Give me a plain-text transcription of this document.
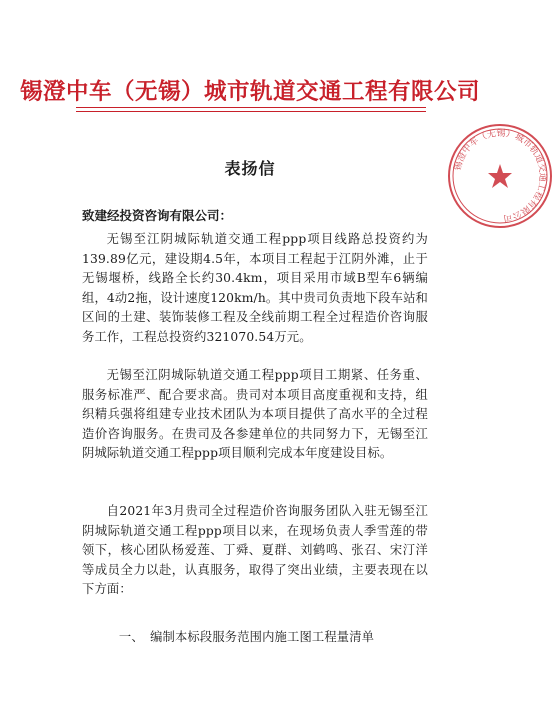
锡澄中车（无锡）城市轨道交通工程有限公司
表扬信
致建经投资咨询有限公司：

无锡至江阴城际轨道交通工程ppp项目线路总投资约为139.89亿元，建设期4.5年，本项目工程起于江阴外滩，止于无锡堰桥，线路全长约30.4km，项目采用市域B型车6辆编组，4动2拖，设计速度120km/h。其中贵司负责地下段车站和区间的土建、装饰装修工程及全线前期工程全过程造价咨询服务工作，工程总投资约321070.54万元。

无锡至江阴城际轨道交通工程ppp项目工期紧、任务重、服务标准严、配合要求高。贵司对本项目高度重视和支持，组织精兵强将组建专业技术团队为本项目提供了高水平的全过程造价咨询服务。在贵司及各参建单位的共同努力下，无锡至江阴城际轨道交通工程ppp项目顺利完成本年度建设目标。

自2021年3月贵司全过程造价咨询服务团队入驻无锡至江阴城际轨道交通工程ppp项目以来，在现场负责人季雪莲的带领下，核心团队杨爱莲、丁舜、夏群、刘鹤鸣、张召、宋汀洋等成员全力以赴，认真服务，取得了突出业绩，主要表现在以下方面：

一、　编制本标段服务范围内施工图工程量清单

锡澄中车（无锡）城市轨道交通工程有限公司
